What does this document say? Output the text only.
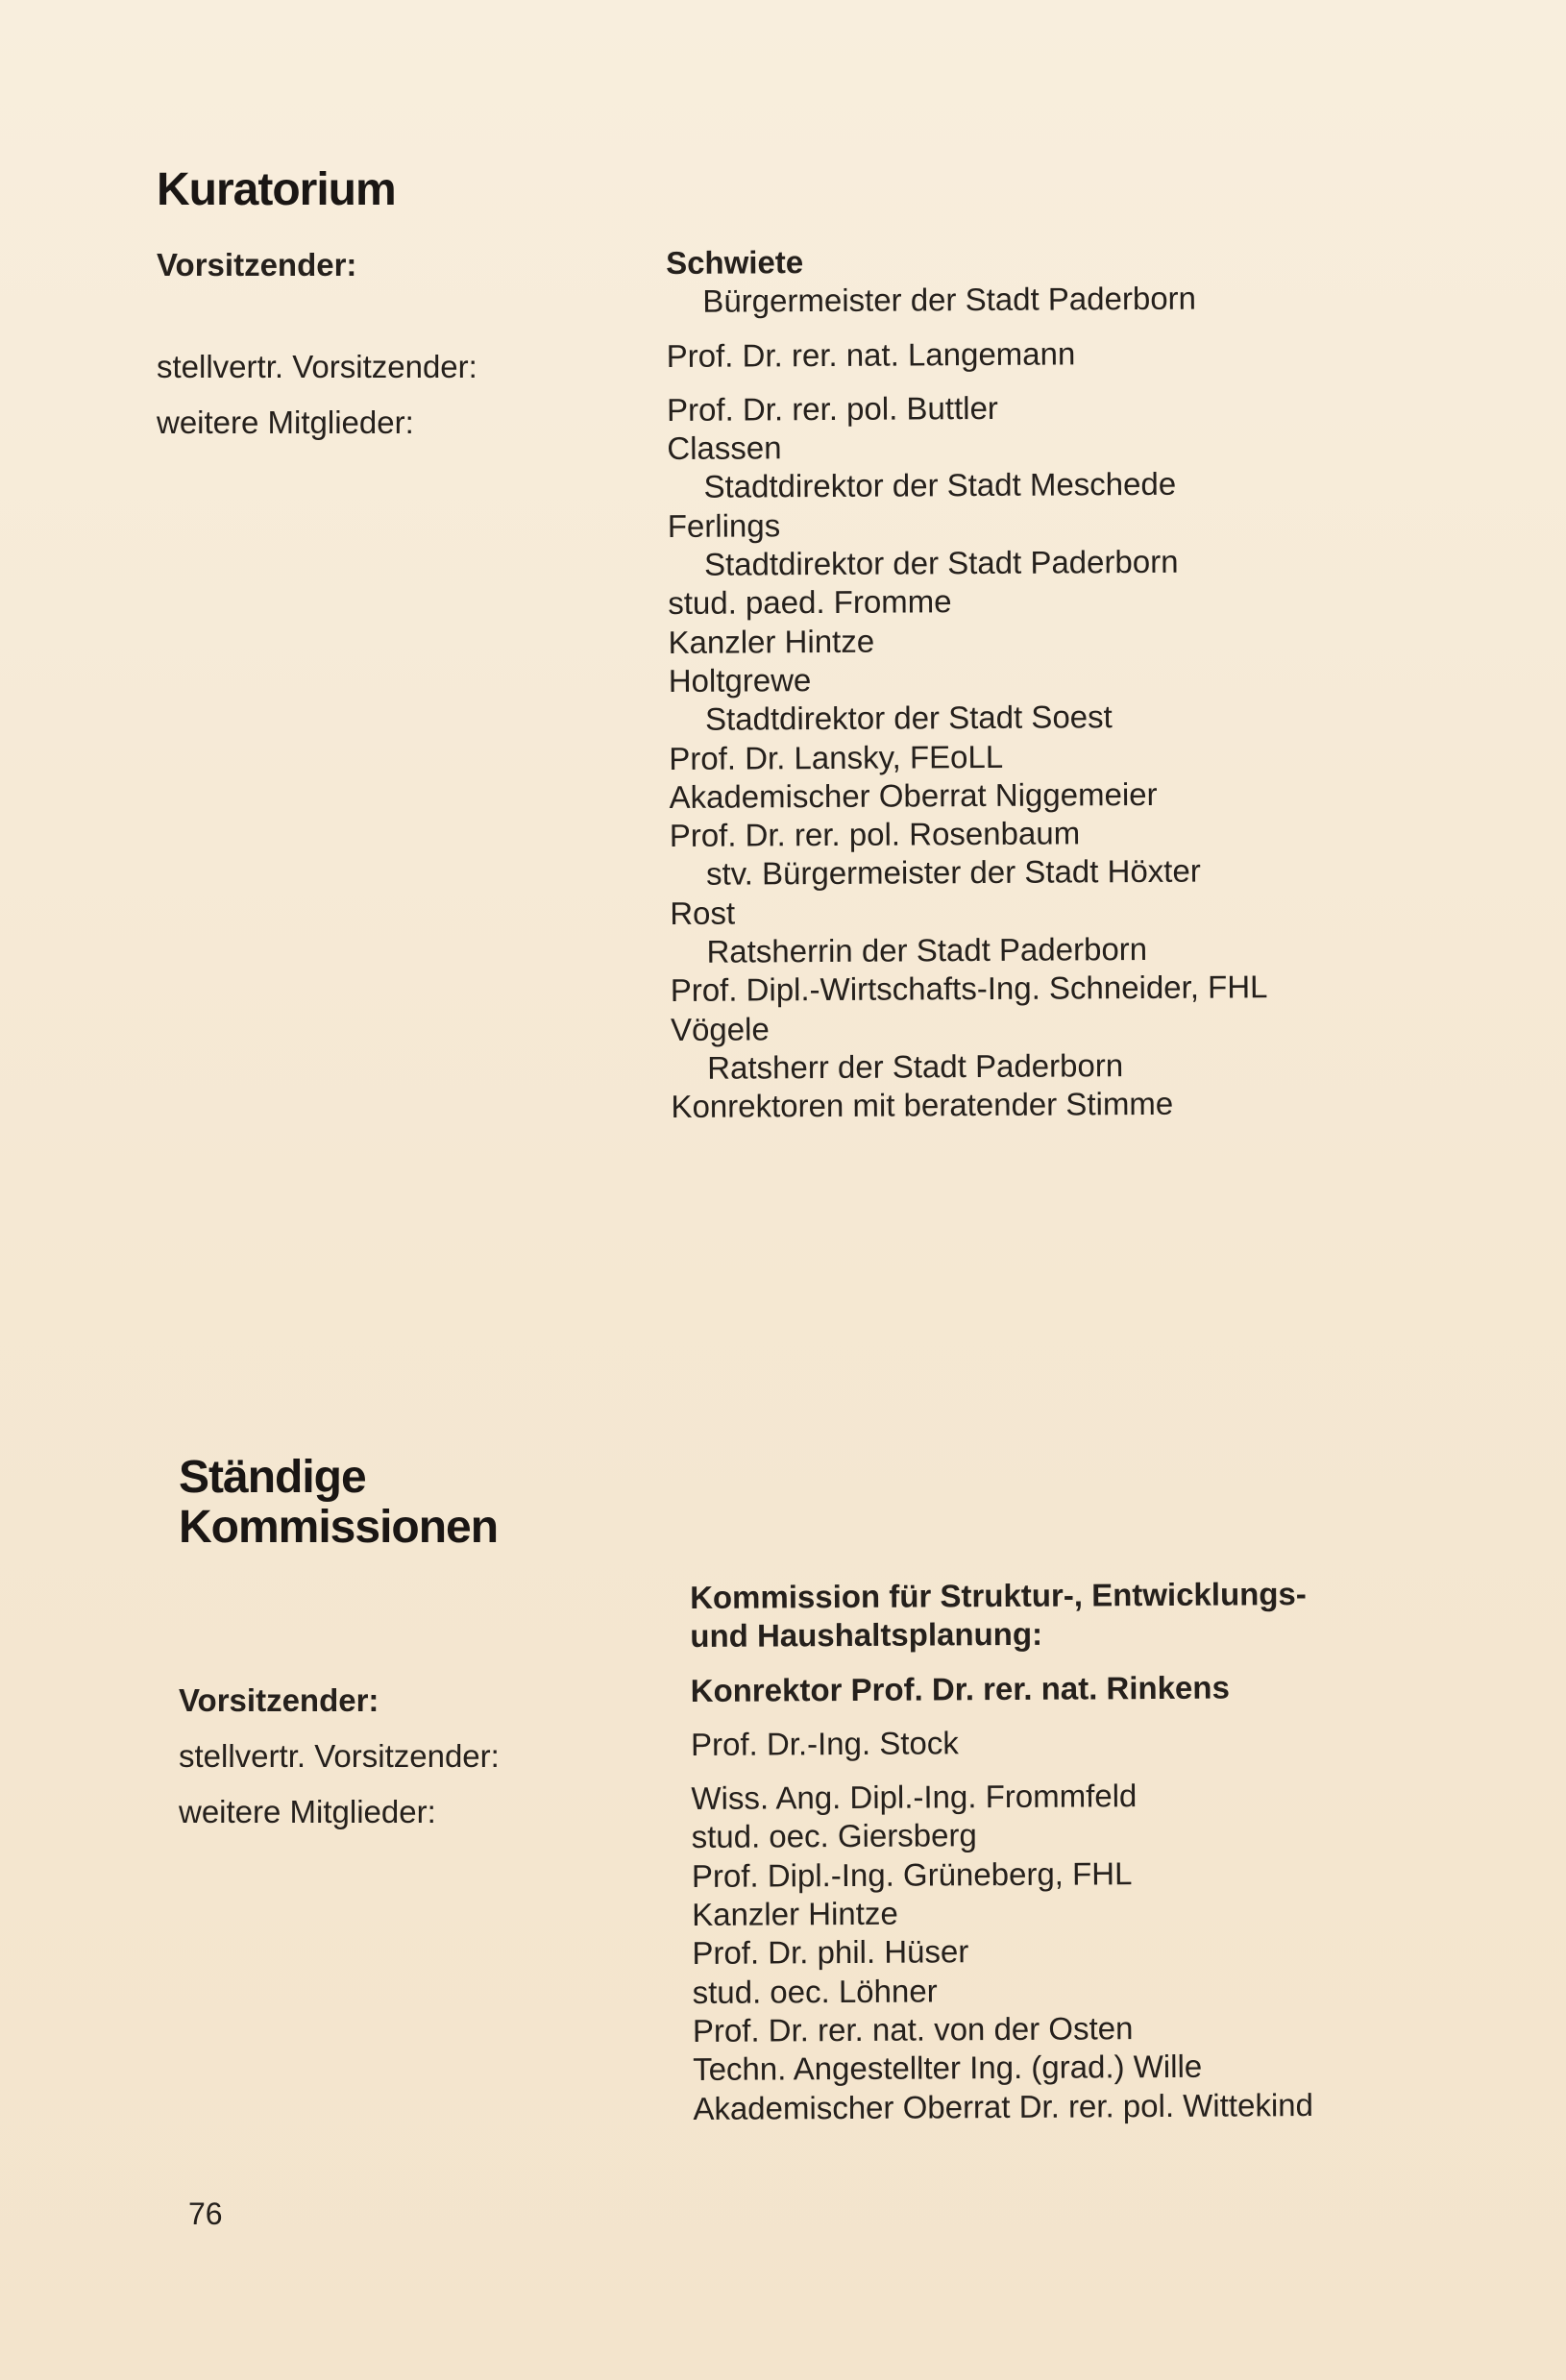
Kuratorium
Vorsitzender:
stellvertr. Vorsitzender:
weitere Mitglieder:
Schwiete
Bürgermeister der Stadt Paderborn
Prof. Dr. rer. nat. Langemann
Prof. Dr. rer. pol. Buttler
Classen
Stadtdirektor der Stadt Meschede
Ferlings
Stadtdirektor der Stadt Paderborn
stud. paed. Fromme
Kanzler Hintze
Holtgrewe
Stadtdirektor der Stadt Soest
Prof. Dr. Lansky, FEoLL
Akademischer Oberrat Niggemeier
Prof. Dr. rer. pol. Rosenbaum
stv. Bürgermeister der Stadt Höxter
Rost
Ratsherrin der Stadt Paderborn
Prof. Dipl.-Wirtschafts-Ing. Schneider, FHL
Vögele
Ratsherr der Stadt Paderborn
Konrektoren mit beratender Stimme
Ständige
Kommissionen
Vorsitzender:
stellvertr. Vorsitzender:
weitere Mitglieder:
Kommission für Struktur-, Entwicklungs-
und Haushaltsplanung:
Konrektor Prof. Dr. rer. nat. Rinkens
Prof. Dr.-Ing. Stock
Wiss. Ang. Dipl.-Ing. Frommfeld
stud. oec. Giersberg
Prof. Dipl.-Ing. Grüneberg, FHL
Kanzler Hintze
Prof. Dr. phil. Hüser
stud. oec. Löhner
Prof. Dr. rer. nat. von der Osten
Techn. Angestellter Ing. (grad.) Wille
Akademischer Oberrat Dr. rer. pol. Wittekind
76
